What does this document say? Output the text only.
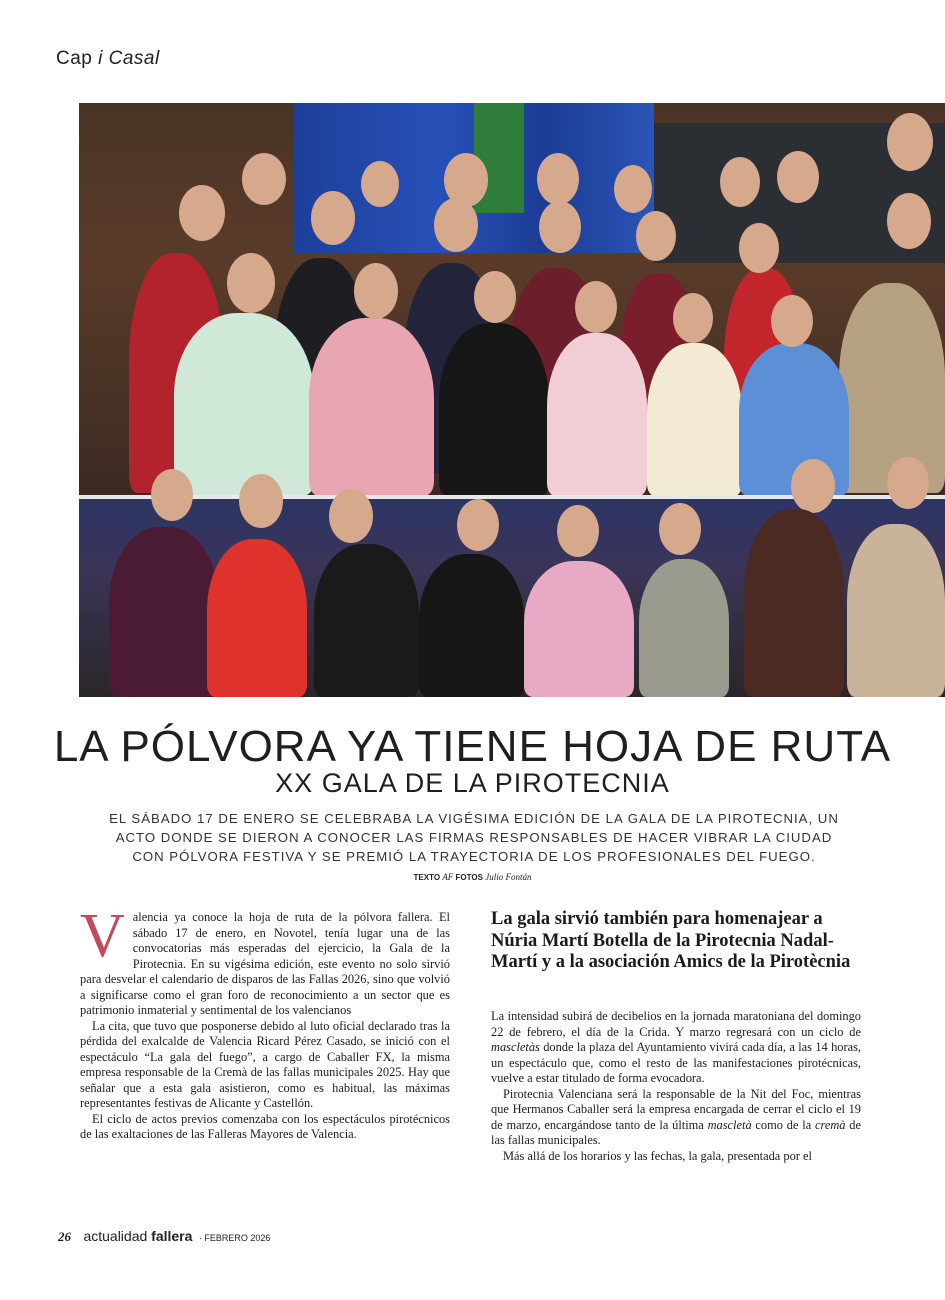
Cap i Casal
LA PÓLVORA YA TIENE HOJA DE RUTA
XX GALA DE LA PIROTECNIA
EL SÁBADO 17 DE ENERO SE CELEBRABA LA VIGÉSIMA EDICIÓN DE LA GALA DE LA PIROTECNIA, UN ACTO DONDE SE DIERON A CONOCER LAS FIRMAS RESPONSABLES DE HACER VIBRAR LA CIUDAD CON PÓLVORA FESTIVA Y SE PREMIÓ LA TRAYECTORIA DE LOS PROFESIONALES DEL FUEGO.
TEXTO AF FOTOS Julio Fontán

Valencia ya conoce la hoja de ruta de la pólvora fallera. El sábado 17 de enero, en Novotel, tenía lugar una de las convocatorias más esperadas del ejercicio, la Gala de la Pirotecnia. En su vigésima edición, este evento no solo sirvió para desvelar el calendario de disparos de las Fallas 2026, sino que volvió a significarse como el gran foro de reconocimiento a un sector que es patrimonio inmaterial y sentimental de los valencianos

La cita, que tuvo que posponerse debido al luto oficial declarado tras la pérdida del exalcalde de Valencia Ricard Pérez Casado, se inició con el espectáculo “La gala del fuego”, a cargo de Caballer FX, la misma empresa responsable de la Cremà de las fallas municipales 2025. Hay que señalar que a esta gala asistieron, como es habitual, las máximas representantes festivas de Alicante y Castellón.

El ciclo de actos previos comenzaba con los espectáculos pirotécnicos de las exaltaciones de las Falleras Mayores de Valencia.

La gala sirvió también para homenajear a Núria Martí Botella de la Pirotecnia Nadal-Martí y a la asociación Amics de la Pirotècnia

La intensidad subirá de decibelios en la jornada maratoniana del domingo 22 de febrero, el día de la Crida. Y marzo regresará con un ciclo de mascletàs donde la plaza del Ayuntamiento vivirá cada día, a las 14 horas, un espectáculo que, como el resto de las manifestaciones pirotécnicas, vuelve a estar titulado de forma evocadora.

Pirotecnia Valenciana será la responsable de la Nit del Foc, mientras que Hermanos Caballer será la empresa encargada de cerrar el ciclo el 19 de marzo, encargándose tanto de la última mascletà como de la cremà de las fallas municipales.

Más allá de los horarios y las fechas, la gala, presentada por el

26 actualidad fallera · FEBRERO 2026
